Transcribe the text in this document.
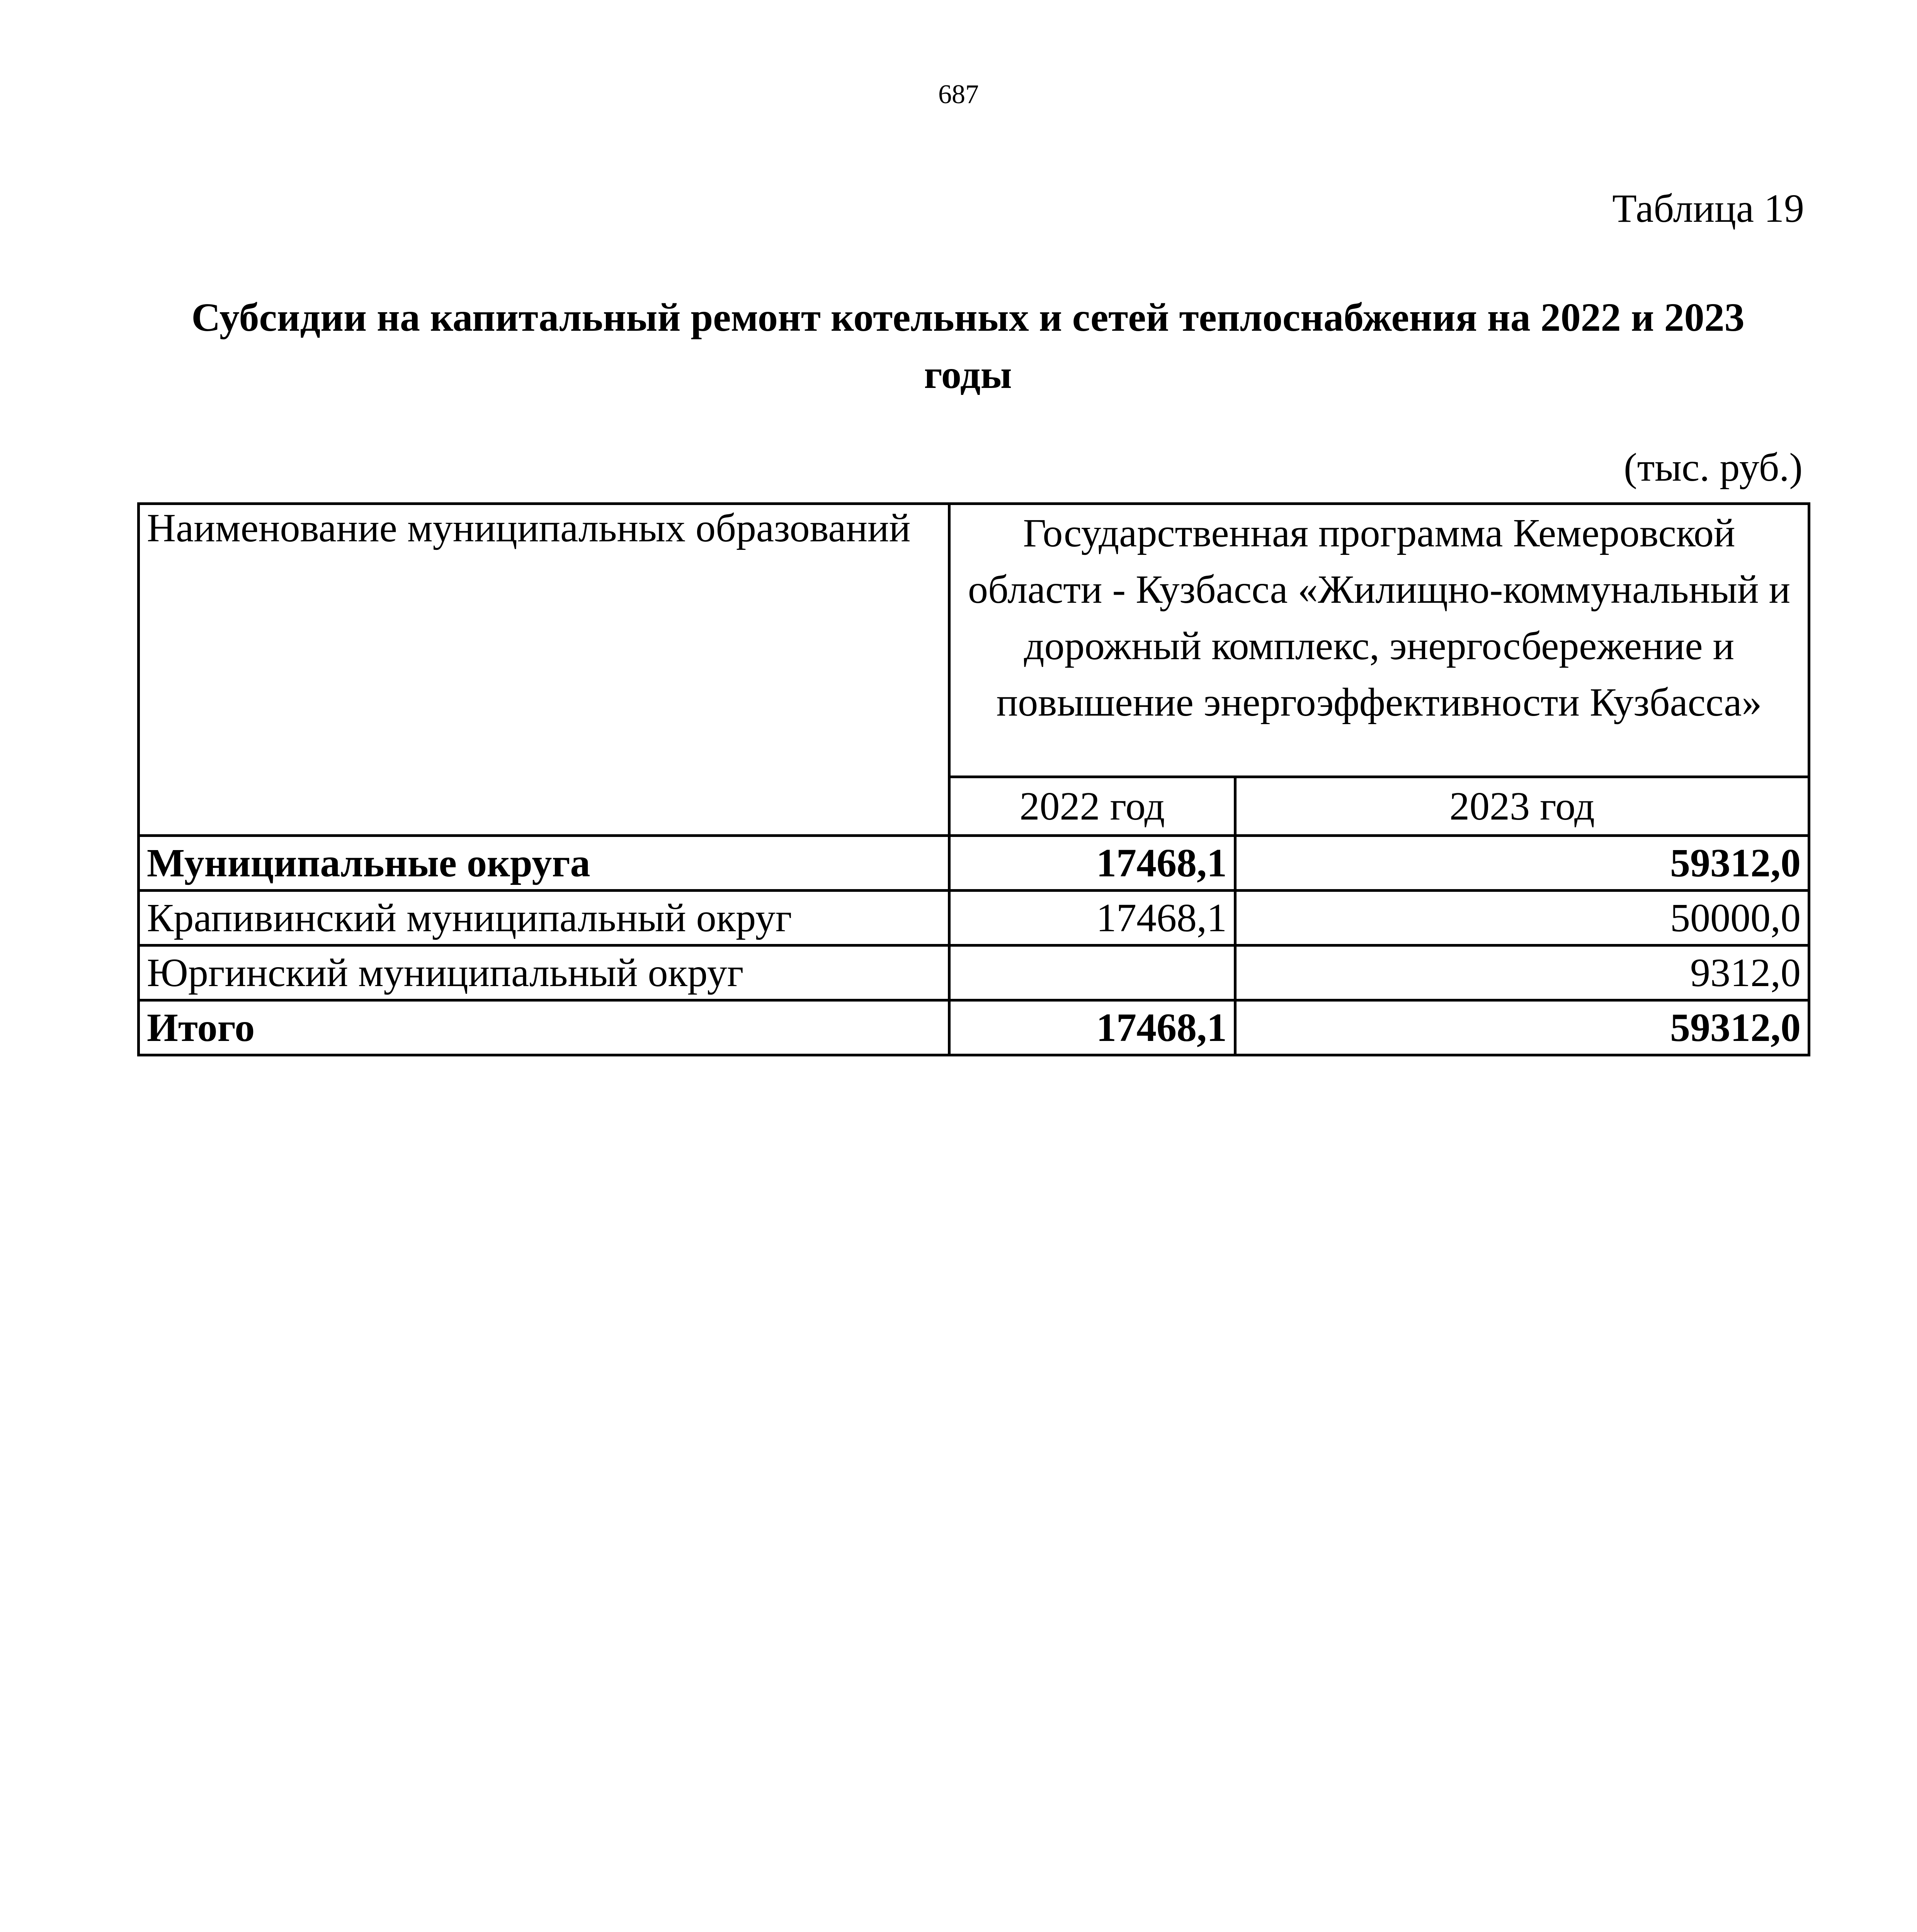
687
Таблица 19
Субсидии на капитальный ремонт котельных и сетей теплоснабжения на 2022 и 2023 годы
(тыс. руб.)
Наименование муниципальных образований	Государственная программа Кемеровской области - Кузбасса «Жилищно-коммунальный и дорожный комплекс, энергосбережение и повышение энергоэффективности Кузбасса»	
	2022 год	2023 год
Муниципальные округа	17468,1	59312,0
Крапивинский муниципальный округ	17468,1	50000,0
Юргинский муниципальный округ		9312,0
Итого	17468,1	59312,0
